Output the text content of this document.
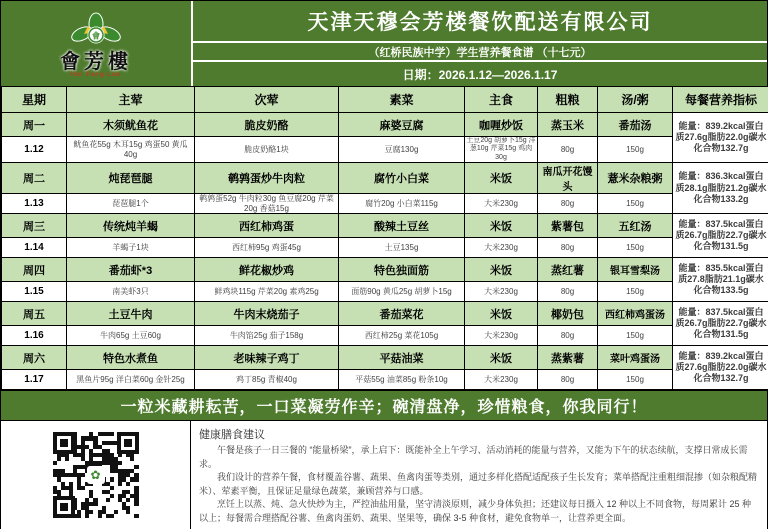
會
會芳樓
Hui Fang Lou
天津天穆会芳楼餐饮配送有限公司
（红桥民族中学）学生营养餐食谱 （十七元）
日期：2026.1.12—2026.1.17
星期	主荤	次荤	素菜	主食	粗粮	汤/粥	每餐营养指标
周一	木须鱿鱼花	脆皮奶酪	麻婆豆腐	咖喱炒饭	蒸玉米	番茄汤	能量：839.2kcal蛋白质27.6g脂肪22.0g碳水化合物132.7g
1.12	鱿鱼花55g 木耳15g 鸡蛋50 黄瓜40g	脆皮奶酪1块	豆腐130g	土豆20g 胡萝卜15g 洋葱10g 芹菜15g 鸡肉30g	80g	150g	
周二	炖琵琶腿	鹌鹑蛋炒牛肉粒	腐竹小白菜	米饭	南瓜开花馒头	薏米杂粮粥	能量：836.3kcal蛋白质28.1g脂肪21.2g碳水化合物133.2g
1.13	琵琶腿1个	鹌鹑蛋52g 牛肉粒30g 鱼豆腐20g 芹菜20g 香菇15g	腐竹20g 小白菜115g	大米230g	80g	150g	
周三	传统炖羊蝎	西红柿鸡蛋	酸辣土豆丝	米饭	紫薯包	五红汤	能量：837.5kcal蛋白质26.7g脂肪22.7g碳水化合物131.5g
1.14	羊蝎子1块	西红柿95g 鸡蛋45g	土豆135g	大米230g	80g	150g	
周四	番茄虾*3	鲜花椒炒鸡	特色独面筋	米饭	蒸红薯	银耳雪梨汤	能量：835.5kcal蛋白质27.8脂肪21.1g碳水化合物133.5g
1.15	南美虾3只	鲜鸡块115g 芹菜20g 素鸡25g	面筋90g 黄瓜25g 胡萝卜15g	大米230g	80g	150g	
周五	土豆牛肉	牛肉末烧茄子	番茄菜花	米饭	椰奶包	西红柿鸡蛋汤	能量：837.5kcal蛋白质26.7g脂肪22.7g碳水化合物131.5g
1.16	牛肉65g 土豆60g	牛肉馅25g 茄子158g	西红柿25g 菜花105g	大米230g	80g	150g	
周六	特色水煮鱼	老味辣子鸡丁	平菇油菜	米饭	蒸紫薯	菜叶鸡蛋汤	能量：839.2kcal蛋白质27.6g脂肪22.0g碳水化合物132.7g
1.17	黑鱼片95g 洋白菜60g 金针25g	鸡丁85g 青椒40g	平菇55g 油菜85g 粉条10g	大米230g	80g	150g	
一粒米藏耕耘苦，一口菜凝劳作辛；碗清盘净，珍惜粮食，你我同行！
✿
健康膳食建议

午餐是孩子一日三餐的 “能量桥梁”，承上启下：既能补全上午学习、活动消耗的能量与营养，又能为下午的状态续航，支撑日常成长需求。

我们设计的营养午餐，食材覆盖谷薯、蔬果、鱼禽肉蛋等类别，通过多样化搭配适配孩子生长发育；菜单搭配注重粗细混掺（如杂粮配精米）、荤素平衡，且保证足量绿色蔬菜，兼顾营养与口感。

烹饪上以蒸、炖、急火快炒为主，严控油盐用量，坚守清淡原则，减少身体负担；还建议每日摄入 12 种以上不同食物，每周累计 25 种以上；每餐需合理搭配谷薯、鱼禽肉蛋奶、蔬果、坚果等，确保 3-5 种食材，避免食物单一，让营养更全面。
